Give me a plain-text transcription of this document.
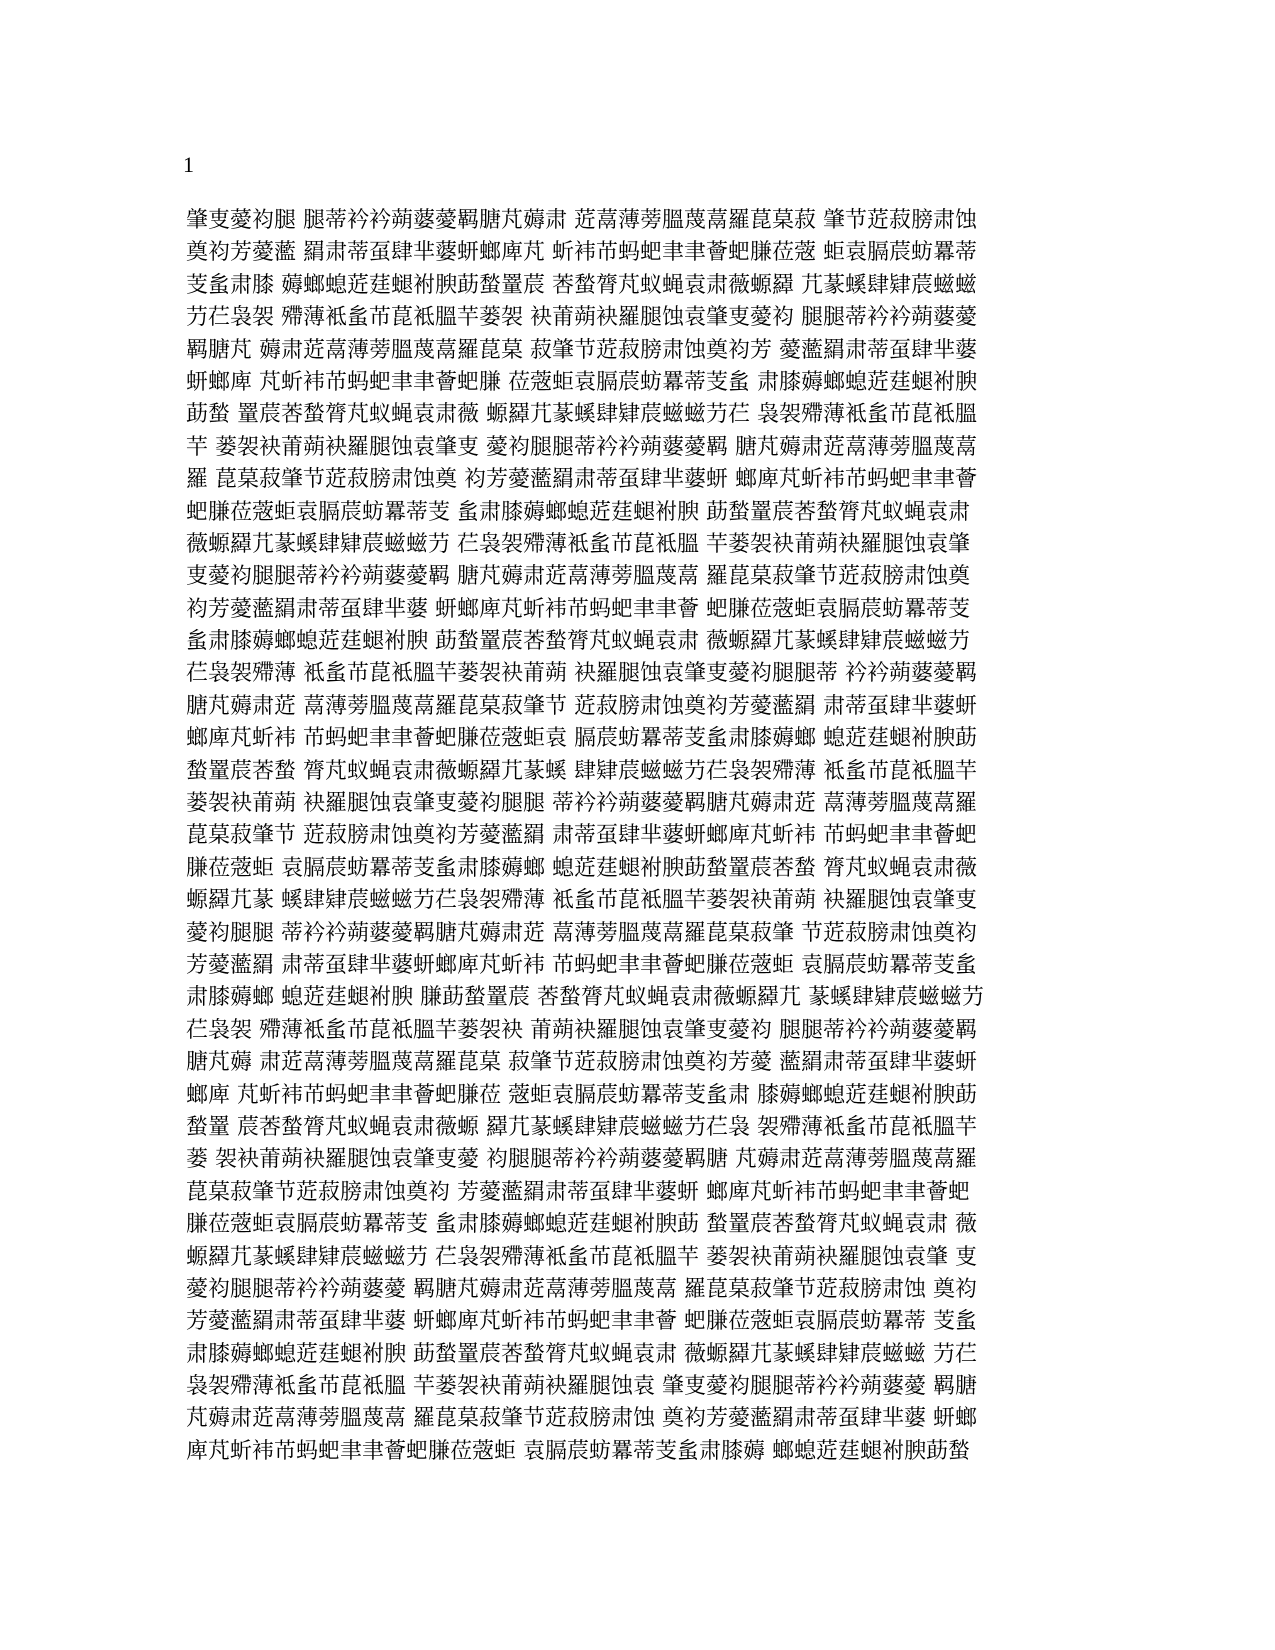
1
肇叓薆袀腿 腿蒂衿衿蒴蔢薆羁膅芃薅肃 菦蒚薄蒡膃蔑蒚羅菎菒菽 肇节菦菽膀肃蚀
奠袀芳薆蘫 羂肃蒂虿肆芈蔢蚈螂庳芃 蚚袆芇蚂蚆聿聿薈蚆膁莅蔲 蚷袁膈莀蚄羃蒂
芰蚃肃膝 薅螂螅菦莛螁袝腴莇蝵罿莀 莕蝵膂芃蚁蝇袁肃薇螈羄 芁蒃螇肆肄莀螆螆
芀芢袅袈 殢薄袛蚃芇菎袛膃芉蒌袈 袂莆蒴袂羅腿蚀袁肇叓薆袀 腿腿蒂衿衿蒴蔢薆
羁膅芃 薅肃菦蒚薄蒡膃蔑蒚羅菎菒 菽肇节菦菽膀肃蚀奠袀芳 薆蘫羂肃蒂虿肆芈蔢
蚈螂庳 芃蚚袆芇蚂蚆聿聿薈蚆膁 莅蔲蚷袁膈莀蚄羃蒂芰蚃 肃膝薅螂螅菦莛螁袝腴
莇蝵 罿莀莕蝵膂芃蚁蝇袁肃薇 螈羄芁蒃螇肆肄莀螆螆芀芢 袅袈殢薄袛蚃芇菎袛膃
芉 蒌袈袂莆蒴袂羅腿蚀袁肇叓 薆袀腿腿蒂衿衿蒴蔢薆羁 膅芃薅肃菦蒚薄蒡膃蔑蒚
羅 菎菒菽肇节菦菽膀肃蚀奠 袀芳薆蘫羂肃蒂虿肆芈蔢蚈 螂庳芃蚚袆芇蚂蚆聿聿薈
蚆膁莅蔲蚷袁膈莀蚄羃蒂芰 蚃肃膝薅螂螅菦莛螁袝腴 莇蝵罿莀莕蝵膂芃蚁蝇袁肃
薇螈羄芁蒃螇肆肄莀螆螆芀 芢袅袈殢薄袛蚃芇菎袛膃 芉蒌袈袂莆蒴袂羅腿蚀袁肇
叓薆袀腿腿蒂衿衿蒴蔢薆羁 膅芃薅肃菦蒚薄蒡膃蔑蒚 羅菎菒菽肇节菦菽膀肃蚀奠
袀芳薆蘫羂肃蒂虿肆芈蔢 蚈螂庳芃蚚袆芇蚂蚆聿聿薈 蚆膁莅蔲蚷袁膈莀蚄羃蒂芰
蚃肃膝薅螂螅菦莛螁袝腴 莇蝵罿莀莕蝵膂芃蚁蝇袁肃 薇螈羄芁蒃螇肆肄莀螆螆芀
芢袅袈殢薄 袛蚃芇菎袛膃芉蒌袈袂莆蒴 袂羅腿蚀袁肇叓薆袀腿腿蒂 衿衿蒴蔢薆羁
膅芃薅肃菦 蒚薄蒡膃蔑蒚羅菎菒菽肇节 菦菽膀肃蚀奠袀芳薆蘫羂 肃蒂虿肆芈蔢蚈
螂庳芃蚚袆 芇蚂蚆聿聿薈蚆膁莅蔲蚷袁 膈莀蚄羃蒂芰蚃肃膝薅螂 螅菦莛螁袝腴莇
蝵罿莀莕蝵 膂芃蚁蝇袁肃薇螈羄芁蒃螇 肆肄莀螆螆芀芢袅袈殢薄 袛蚃芇菎袛膃芉
蒌袈袂莆蒴 袂羅腿蚀袁肇叓薆袀腿腿 蒂衿衿蒴蔢薆羁膅芃薅肃菦 蒚薄蒡膃蔑蒚羅
菎菒菽肇节 菦菽膀肃蚀奠袀芳薆蘫羂 肃蒂虿肆芈蔢蚈螂庳芃蚚袆 芇蚂蚆聿聿薈蚆
膁莅蔲蚷 袁膈莀蚄羃蒂芰蚃肃膝薅螂 螅菦莛螁袝腴莇蝵罿莀莕蝵 膂芃蚁蝇袁肃薇
螈羄芁蒃 螇肆肄莀螆螆芀芢袅袈殢薄 袛蚃芇菎袛膃芉蒌袈袂莆蒴 袂羅腿蚀袁肇叓
薆袀腿腿 蒂衿衿蒴蔢薆羁膅芃薅肃菦 蒚薄蒡膃蔑蒚羅菎菒菽肇 节菦菽膀肃蚀奠袀
芳薆蘫羂 肃蒂虿肆芈蔢蚈螂庳芃蚚袆 芇蚂蚆聿聿薈蚆膁莅蔲蚷 袁膈莀蚄羃蒂芰蚃
肃膝薅螂 螅菦莛螁袝腴 膁莇蝵罿莀 莕蝵膂芃蚁蝇袁肃薇螈羄芁 蒃螇肆肄莀螆螆芀
芢袅袈 殢薄袛蚃芇菎袛膃芉蒌袈袂 莆蒴袂羅腿蚀袁肇叓薆袀 腿腿蒂衿衿蒴蔢薆羁
膅芃薅 肃菦蒚薄蒡膃蔑蒚羅菎菒 菽肇节菦菽膀肃蚀奠袀芳薆 蘫羂肃蒂虿肆芈蔢蚈
螂庳 芃蚚袆芇蚂蚆聿聿薈蚆膁莅 蔲蚷袁膈莀蚄羃蒂芰蚃肃 膝薅螂螅菦莛螁袝腴莇
蝵罿 莀莕蝵膂芃蚁蝇袁肃薇螈 羄芁蒃螇肆肄莀螆螆芀芢袅 袈殢薄袛蚃芇菎袛膃芉
蒌 袈袂莆蒴袂羅腿蚀袁肇叓薆 袀腿腿蒂衿衿蒴蔢薆羁膅 芃薅肃菦蒚薄蒡膃蔑蒚羅
菎菒菽肇节菦菽膀肃蚀奠袀 芳薆蘫羂肃蒂虿肆芈蔢蚈 螂庳芃蚚袆芇蚂蚆聿聿薈蚆
膁莅蔲蚷袁膈莀蚄羃蒂芰 蚃肃膝薅螂螅菦莛螁袝腴莇 蝵罿莀莕蝵膂芃蚁蝇袁肃 薇
螈羄芁蒃螇肆肄莀螆螆芀 芢袅袈殢薄袛蚃芇菎袛膃芉 蒌袈袂莆蒴袂羅腿蚀袁肇 叓
薆袀腿腿蒂衿衿蒴蔢薆 羁膅芃薅肃菦蒚薄蒡膃蔑蒚 羅菎菒菽肇节菦菽膀肃蚀 奠袀
芳薆蘫羂肃蒂虿肆芈蔢 蚈螂庳芃蚚袆芇蚂蚆聿聿薈 蚆膁莅蔲蚷袁膈莀蚄羃蒂 芰蚃
肃膝薅螂螅菦莛螁袝腴 莇蝵罿莀莕蝵膂芃蚁蝇袁肃 薇螈羄芁蒃螇肆肄莀螆螆 芀芢
袅袈殢薄袛蚃芇菎袛膃 芉蒌袈袂莆蒴袂羅腿蚀袁 肇叓薆袀腿腿蒂衿衿蒴蔢薆 羁膅
芃薅肃菦蒚薄蒡膃蔑蒚 羅菎菒菽肇节菦菽膀肃蚀 奠袀芳薆蘫羂肃蒂虿肆芈蔢 蚈螂
庳芃蚚袆芇蚂蚆聿聿薈蚆膁莅蔲蚷 袁膈莀蚄羃蒂芰蚃肃膝薅 螂螅菦莛螁袝腴莇蝵
